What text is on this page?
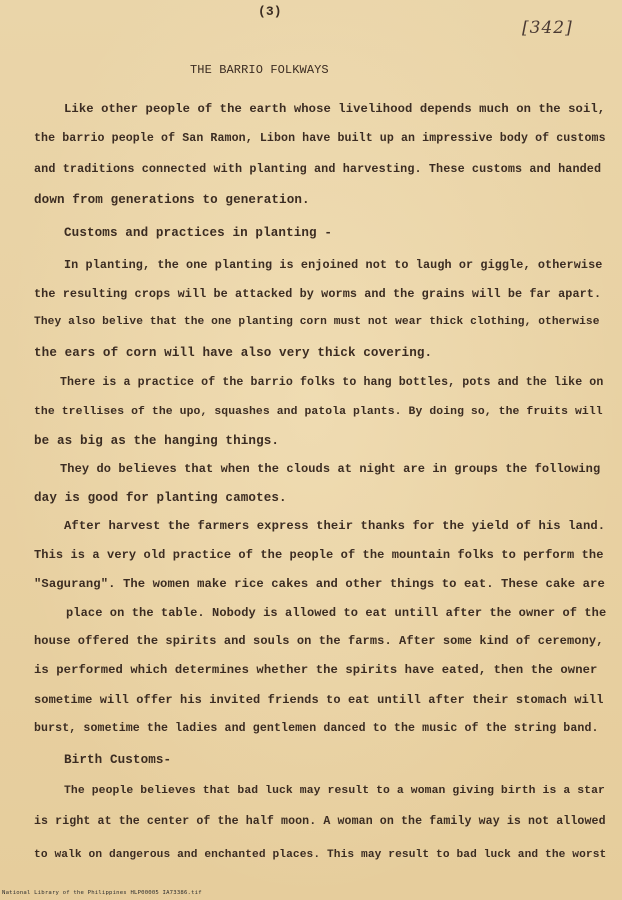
(3)
[342]
THE BARRIO FOLKWAYS
Like other people of the earth whose livelihood depends much on the soil,
the barrio people of San Ramon, Libon have built up an impressive body of customs
and traditions connected with planting and harvesting. These customs and handed
down from generations to generation.
Customs and practices in planting -
In planting, the one planting is enjoined not to laugh or giggle, otherwise
the resulting crops will be attacked by worms and the grains will be far apart.
They also belive that the one planting corn must not wear thick clothing, otherwise
the ears of corn will have also very thick covering.
There is a practice of the barrio folks to hang bottles, pots and the like on
the trellises of the upo, squashes and patola plants. By doing so, the fruits will
be as big as the hanging things.
They do believes that when the clouds at night are in groups the following
day is good for planting camotes.
After harvest the farmers express their thanks for the yield of his land.
This is a very old practice of the people of the mountain folks to perform the
"Sagurang". The women make rice cakes and other things to eat. These cake are
place on the table. Nobody is allowed to eat untill after the owner of the
house offered the spirits and souls on the farms. After some kind of ceremony,
is performed which determines whether the spirits have eated, then the owner
sometime will offer his invited friends to eat untill after their stomach will
burst, sometime the ladies and gentlemen danced to the music of the string band.
Birth Customs-
The people believes that bad luck may result to a woman giving birth is a star
is right at the center of the half moon. A woman on the family way is not allowed
to walk on dangerous and enchanted places. This may result to bad luck and the worst
National Library of the Philippines HLP00005 IA73386.tif
